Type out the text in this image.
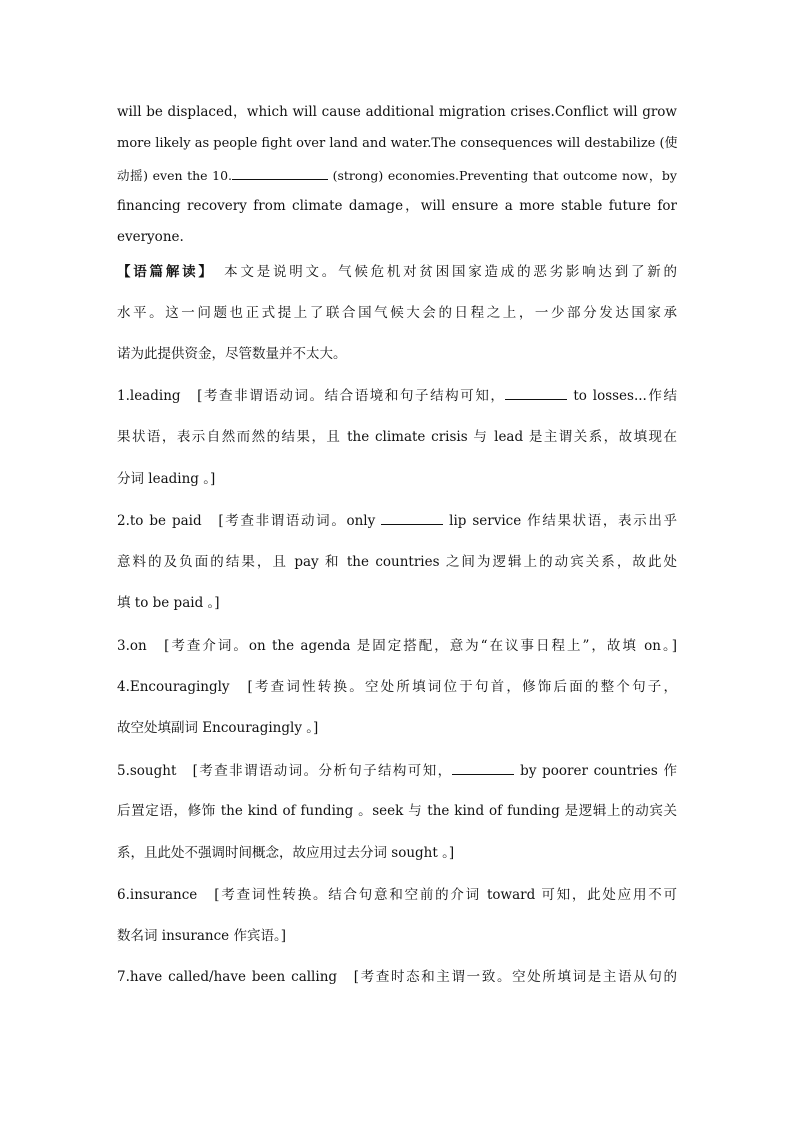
will be displaced，which will cause additional migration crises.Conflict will grow
more likely as people fight over land and water.The consequences will destabilize (使
动摇) even the 10.	(strong) economies.Preventing that outcome now，by
financing recovery from climate damage，will ensure a more stable future for
everyone.
【语篇解读】　 本文是说明文。气候危机对贫困国家造成的恶劣影响达到了新的
水平。这一问题也正式提上了联合国气候大会的日程之上，一少部分发达国家承
诺为此提供资金，尽管数量并不太大。
1.leading　[考查非谓语动词。结合语境和句子结构可知，	to losses...作结
果状语，表示自然而然的结果，且 the climate crisis 与 lead 是主谓关系，故填现在
分词 leading 。]
2.to be paid　[考查非谓语动词。only	lip service 作结果状语，表示出乎
意料的及负面的结果，且 pay 和 the countries 之间为逻辑上的动宾关系，故此处
填 to be paid 。]
3.on　[考查介词。on the agenda 是固定搭配，意为“在议事日程上”，故填 on。]
4.Encouragingly　[考查词性转换。空处所填词位于句首，修饰后面的整个句子，
故空处填副词 Encouragingly 。]
5.sought　[考查非谓语动词。分析句子结构可知，	by poorer countries 作
后置定语，修饰 the kind of funding 。seek 与 the kind of funding 是逻辑上的动宾关
系，且此处不强调时间概念，故应用过去分词 sought 。]
6.insurance　[考查词性转换。结合句意和空前的介词 toward 可知，此处应用不可
数名词 insurance 作宾语。]
7.have called/have been calling　[考查时态和主谓一致。空处所填词是主语从句的
